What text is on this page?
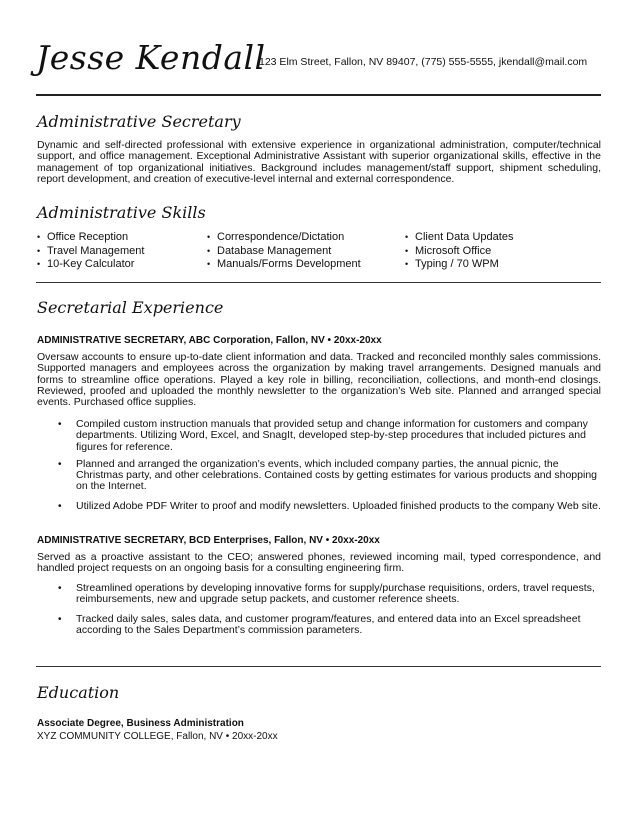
Jesse Kendall
123 Elm Street, Fallon, NV 89407, (775) 555-5555, jkendall@mail.com
Administrative Secretary

Dynamic and self-directed professional with extensive experience in organizational administration, computer/technical support, and office management. Exceptional Administrative Assistant with superior organizational skills, effective in the management of top organizational initiatives. Background includes management/staff support, shipment scheduling, report development, and creation of executive-level internal and external correspondence.

Administrative Skills
• Office Reception
• Travel Management
• 10-Key Calculator
• Correspondence/Dictation
• Database Management
• Manuals/Forms Development
• Client Data Updates
• Microsoft Office
• Typing / 70 WPM
Secretarial Experience
ADMINISTRATIVE SECRETARY, ABC Corporation, Fallon, NV • 20xx-20xx

Oversaw accounts to ensure up-to-date client information and data. Tracked and reconciled monthly sales commissions. Supported managers and employees across the organization by making travel arrangements. Designed manuals and forms to streamline office operations. Played a key role in billing, reconciliation, collections, and month-end closings. Reviewed, proofed and uploaded the monthly newsletter to the organization’s Web site. Planned and arranged special events. Purchased office supplies.

• Compiled custom instruction manuals that provided setup and change information for customers and company departments. Utilizing Word, Excel, and SnagIt, developed step-by-step procedures that included pictures and figures for reference.
• Planned and arranged the organization’s events, which included company parties, the annual picnic, the Christmas party, and other celebrations. Contained costs by getting estimates for various products and shopping on the Internet.
• Utilized Adobe PDF Writer to proof and modify newsletters. Uploaded finished products to the company Web site.
ADMINISTRATIVE SECRETARY, BCD Enterprises, Fallon, NV • 20xx-20xx

Served as a proactive assistant to the CEO; answered phones, reviewed incoming mail, typed correspondence, and handled project requests on an ongoing basis for a consulting engineering firm.

• Streamlined operations by developing innovative forms for supply/purchase requisitions, orders, travel requests, reimbursements, new and upgrade setup packets, and customer reference sheets.
• Tracked daily sales, sales data, and customer program/features, and entered data into an Excel spreadsheet according to the Sales Department’s commission parameters.
Education
Associate Degree, Business Administration
XYZ COMMUNITY COLLEGE, Fallon, NV • 20xx-20xx
